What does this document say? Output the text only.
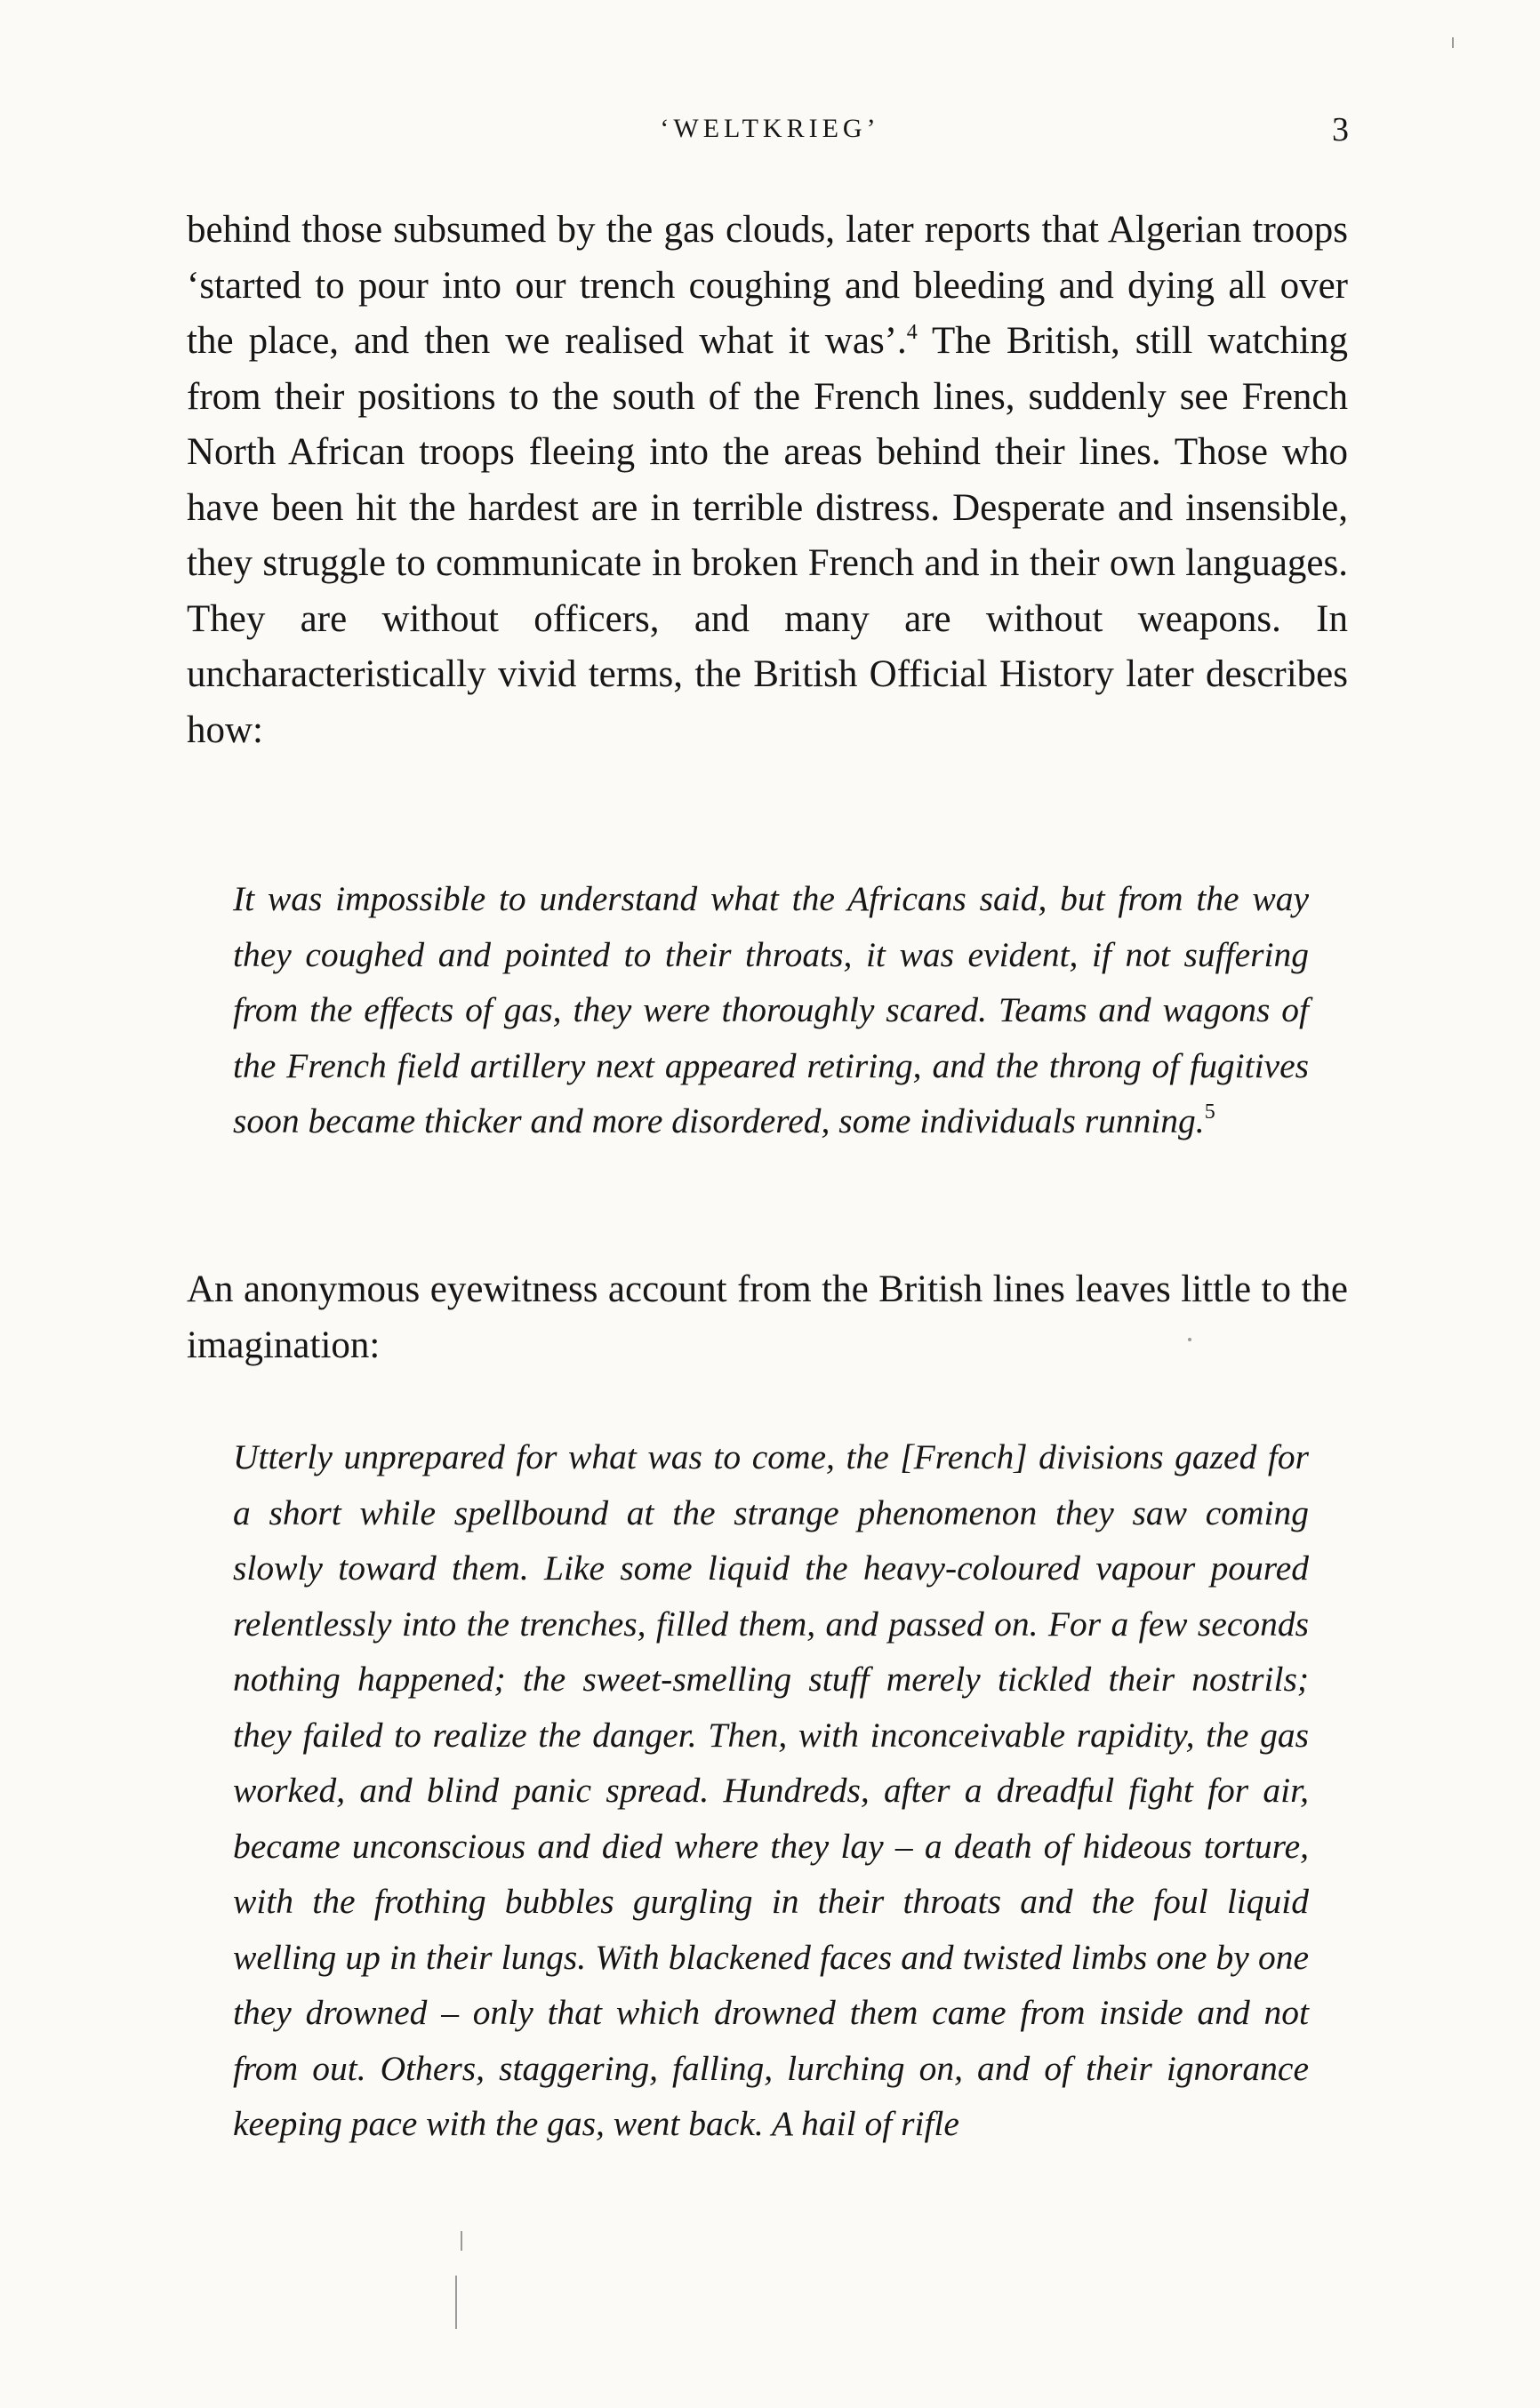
‘WELTKRIEG’	3

behind those subsumed by the gas clouds, later reports that Algerian troops ‘started to pour into our trench coughing and bleeding and dying all over the place, and then we realised what it was’.$^4$ The British, still watching from their positions to the south of the French lines, suddenly see French North African troops fleeing into the areas behind their lines. Those who have been hit the hardest are in terrible distress. Desperate and insensible, they struggle to communicate in broken French and in their own languages. They are without officers, and many are without weapons. In uncharacteristically vivid terms, the British Official History later describes how:

It was impossible to understand what the Africans said, but from the way they coughed and pointed to their throats, it was evident, if not suffering from the effects of gas, they were thoroughly scared. Teams and wagons of the French field artillery next appeared retiring, and the throng of fugitives soon became thicker and more disordered, some individuals running.$^5$

An anonymous eyewitness account from the British lines leaves little to the imagination:

Utterly unprepared for what was to come, the [French] divisions gazed for a short while spellbound at the strange phenomenon they saw coming slowly toward them. Like some liquid the heavy-coloured vapour poured relentlessly into the trenches, filled them, and passed on. For a few seconds nothing happened; the sweet-smelling stuff merely tickled their nostrils; they failed to realize the danger. Then, with inconceivable rapidity, the gas worked, and blind panic spread. Hundreds, after a dreadful fight for air, became unconscious and died where they lay – a death of hideous torture, with the frothing bubbles gurgling in their throats and the foul liquid welling up in their lungs. With blackened faces and twisted limbs one by one they drowned – only that which drowned them came from inside and not from out. Others, staggering, falling, lurching on, and of their ignorance keeping pace with the gas, went back. A hail of rifle
